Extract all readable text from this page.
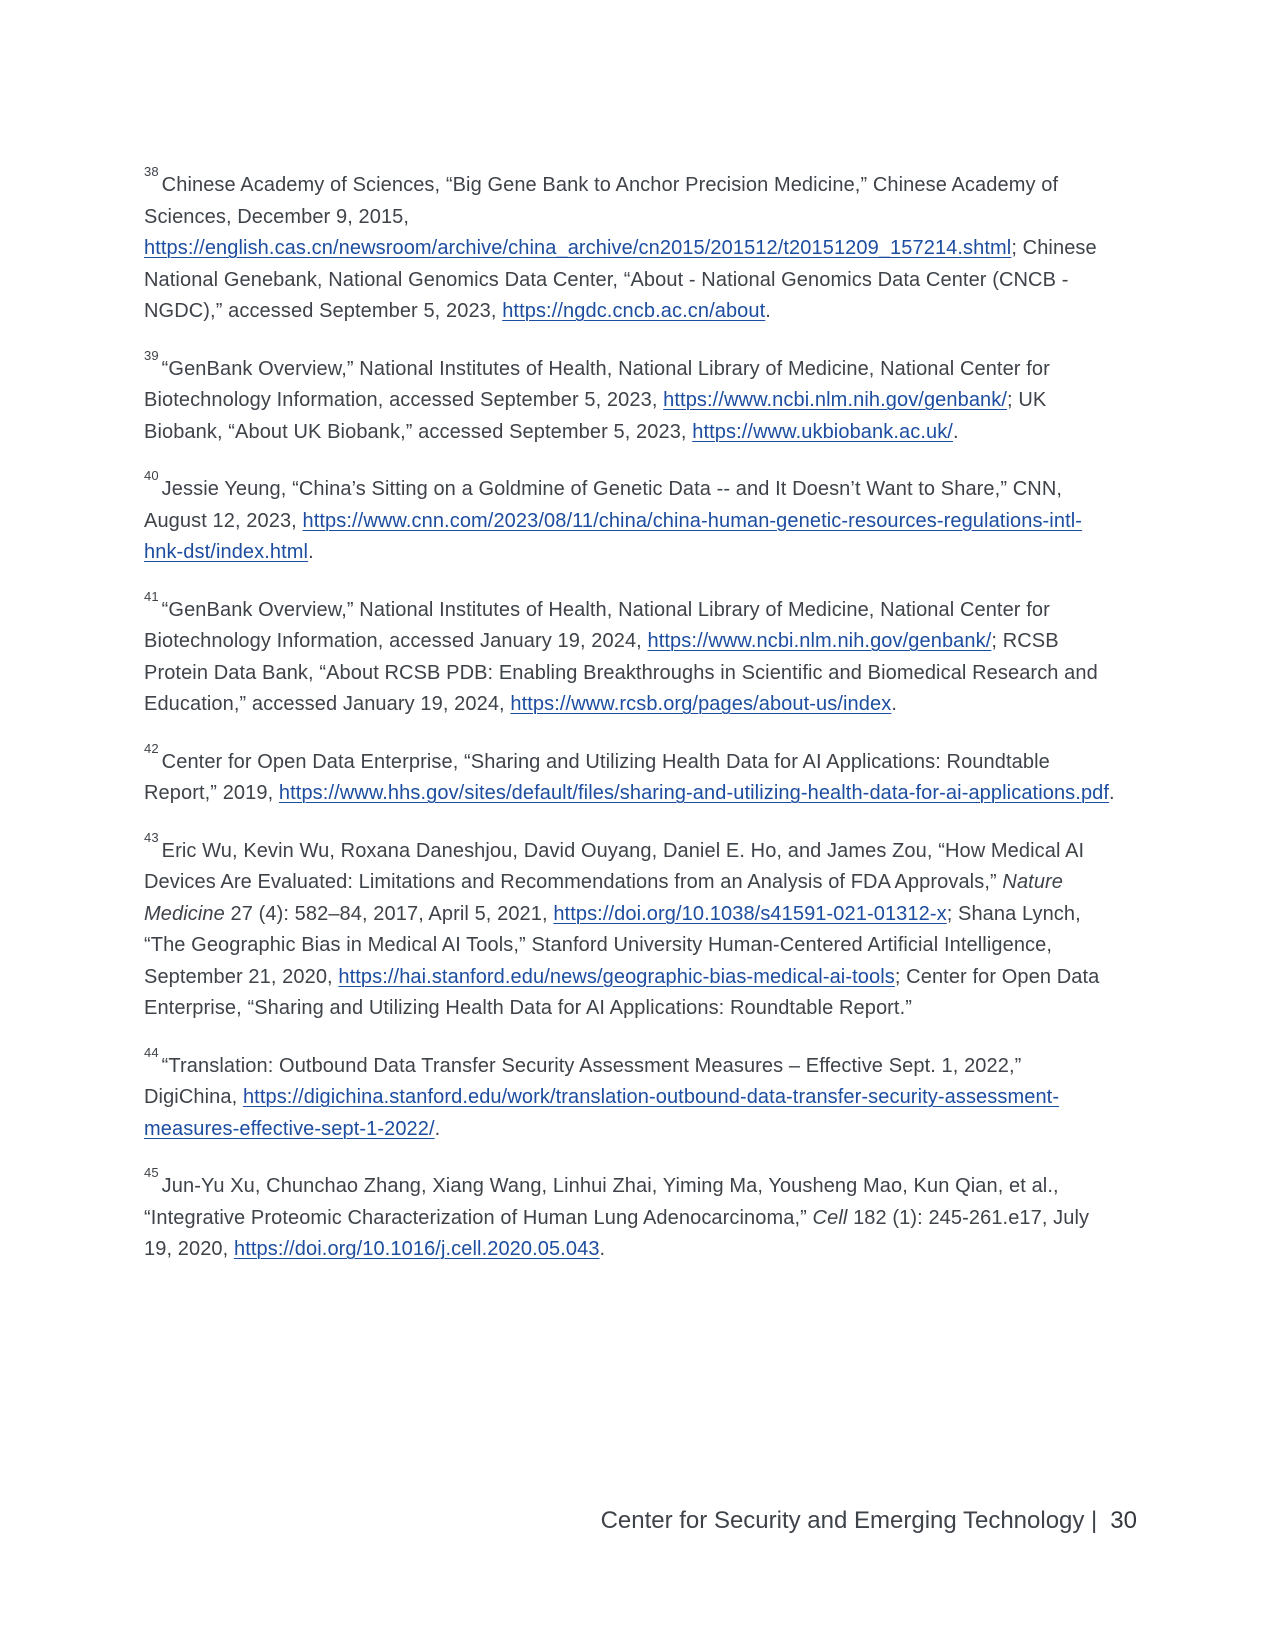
$^{38}$Chinese Academy of Sciences, “Big Gene Bank to Anchor Precision Medicine,” Chinese Academy of Sciences, December 9, 2015, https://english.cas.cn/newsroom/archive/china_archive/cn2015/201512/t20151209_157214.shtml; Chinese National Genebank, National Genomics Data Center, “About - National Genomics Data Center (CNCB - NGDC),” accessed September 5, 2023, https://ngdc.cncb.ac.cn/about.

$^{39}$“GenBank Overview,” National Institutes of Health, National Library of Medicine, National Center for Biotechnology Information, accessed September 5, 2023, https://www.ncbi.nlm.nih.gov/genbank/; UK Biobank, “About UK Biobank,” accessed September 5, 2023, https://www.ukbiobank.ac.uk/.

$^{40}$Jessie Yeung, “China’s Sitting on a Goldmine of Genetic Data -- and It Doesn’t Want to Share,” CNN, August 12, 2023, https://www.cnn.com/2023/08/11/china/china-human-genetic-resources-regulations-intl-hnk-dst/index.html.

$^{41}$“GenBank Overview,” National Institutes of Health, National Library of Medicine, National Center for Biotechnology Information, accessed January 19, 2024, https://www.ncbi.nlm.nih.gov/genbank/; RCSB Protein Data Bank, “About RCSB PDB: Enabling Breakthroughs in Scientific and Biomedical Research and Education,” accessed January 19, 2024, https://www.rcsb.org/pages/about-us/index.

$^{42}$Center for Open Data Enterprise, “Sharing and Utilizing Health Data for AI Applications: Roundtable Report,” 2019, https://www.hhs.gov/sites/default/files/sharing-and-utilizing-health-data-for-ai-applications.pdf.

$^{43}$Eric Wu, Kevin Wu, Roxana Daneshjou, David Ouyang, Daniel E. Ho, and James Zou, “How Medical AI Devices Are Evaluated: Limitations and Recommendations from an Analysis of FDA Approvals,” Nature Medicine 27 (4): 582–84, 2017, April 5, 2021, https://doi.org/10.1038/s41591-021-01312-x; Shana Lynch, “The Geographic Bias in Medical AI Tools,” Stanford University Human-Centered Artificial Intelligence, September 21, 2020, https://hai.stanford.edu/news/geographic-bias-medical-ai-tools; Center for Open Data Enterprise, “Sharing and Utilizing Health Data for AI Applications: Roundtable Report.”

$^{44}$“Translation: Outbound Data Transfer Security Assessment Measures – Effective Sept. 1, 2022,” DigiChina, https://digichina.stanford.edu/work/translation-outbound-data-transfer-security-assessment-measures-effective-sept-1-2022/.

$^{45}$Jun-Yu Xu, Chunchao Zhang, Xiang Wang, Linhui Zhai, Yiming Ma, Yousheng Mao, Kun Qian, et al., “Integrative Proteomic Characterization of Human Lung Adenocarcinoma,” Cell 182 (1): 245-261.e17, July 19, 2020, https://doi.org/10.1016/j.cell.2020.05.043.

Center for Security and Emerging Technology | 30
